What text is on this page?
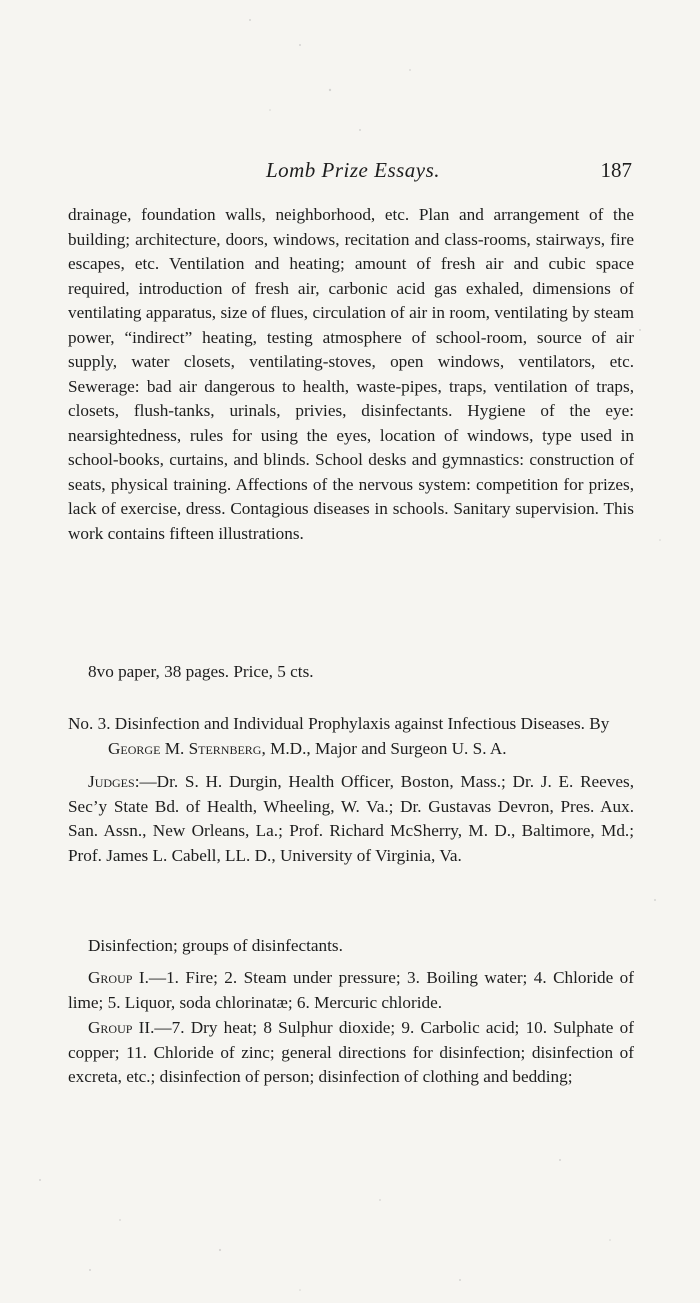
Lomb Prize Essays.	187

drainage, foundation walls, neighborhood, etc. Plan and arrangement of the building; architecture, doors, windows, recitation and class-rooms, stairways, fire escapes, etc. Ventilation and heating; amount of fresh air and cubic space required, introduction of fresh air, carbonic acid gas exhaled, dimensions of ventilating apparatus, size of flues, circulation of air in room, ventilating by steam power, “indirect” heating, testing atmosphere of school-room, source of air supply, water closets, ventilating-stoves, open windows, ventilators, etc. Sewerage: bad air dangerous to health, waste-pipes, traps, ventilation of traps, closets, flush-tanks, urinals, privies, disinfectants. Hygiene of the eye: nearsightedness, rules for using the eyes, location of windows, type used in school-books, curtains, and blinds. School desks and gymnastics: construction of seats, physical training. Affections of the nervous system: competition for prizes, lack of exercise, dress. Contagious diseases in schools. Sanitary supervision. This work contains fifteen illustrations.

8vo paper, 38 pages. Price, 5 cts.

No. 3. Disinfection and Individual Prophylaxis against Infectious Diseases. By George M. Sternberg, M.D., Major and Surgeon U. S. A.

Judges:—Dr. S. H. Durgin, Health Officer, Boston, Mass.; Dr. J. E. Reeves, Sec’y State Bd. of Health, Wheeling, W. Va.; Dr. Gustavas Devron, Pres. Aux. San. Assn., New Orleans, La.; Prof. Richard McSherry, M. D., Baltimore, Md.; Prof. James L. Cabell, LL. D., University of Virginia, Va.

Disinfection; groups of disinfectants.

Group I.—1. Fire; 2. Steam under pressure; 3. Boiling water; 4. Chloride of lime; 5. Liquor, soda chlorinatæ; 6. Mercuric chloride.

Group II.—7. Dry heat; 8 Sulphur dioxide; 9. Carbolic acid; 10. Sulphate of copper; 11. Chloride of zinc; general directions for disinfection; disinfection of excreta, etc.; disinfection of person; disinfection of clothing and bedding;
